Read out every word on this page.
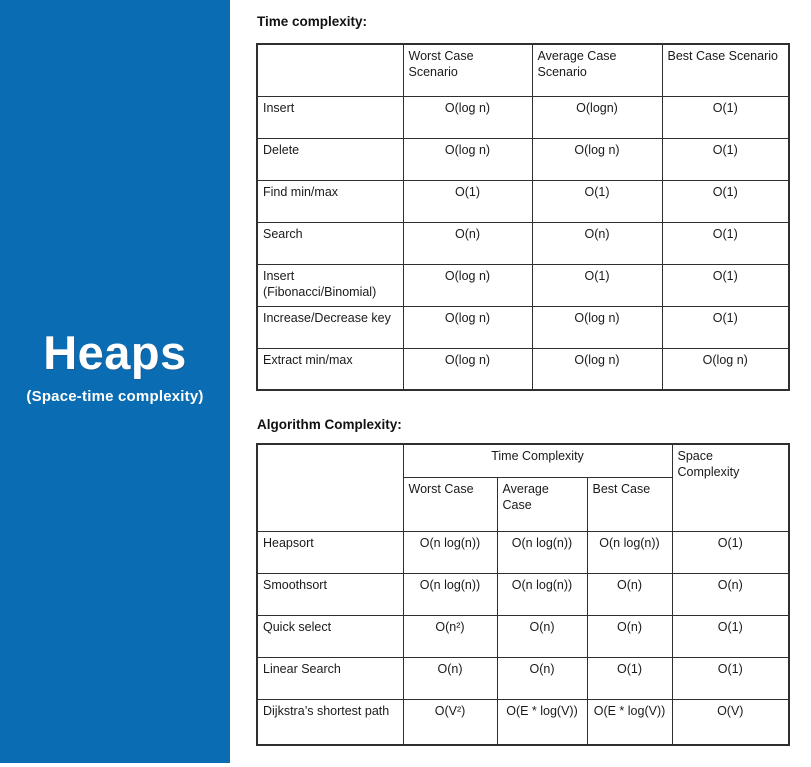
Heaps
(Space-time complexity)
Time complexity:
	Worst Case Scenario	Average Case Scenario	Best Case Scenario
Insert	O(log n)	O(logn)	O(1)
Delete	O(log n)	O(log n)	O(1)
Find min/max	O(1)	O(1)	O(1)
Search	O(n)	O(n)	O(1)
Insert (Fibonacci/Binomial)	O(log n)	O(1)	O(1)
Increase/Decrease key	O(log n)	O(log n)	O(1)
Extract min/max	O(log n)	O(log n)	O(log n)
Algorithm Complexity:
	Time Complexity			Space Complexity
	Worst Case	Average Case	Best Case	
Heapsort	O(n log(n))	O(n log(n))	O(n log(n))	O(1)
Smoothsort	O(n log(n))	O(n log(n))	O(n)	O(n)
Quick select	O(n²)	O(n)	O(n)	O(1)
Linear Search	O(n)	O(n)	O(1)	O(1)
Dijkstra’s shortest path	O(V²)	O(E * log(V))	O(E * log(V))	O(V)
